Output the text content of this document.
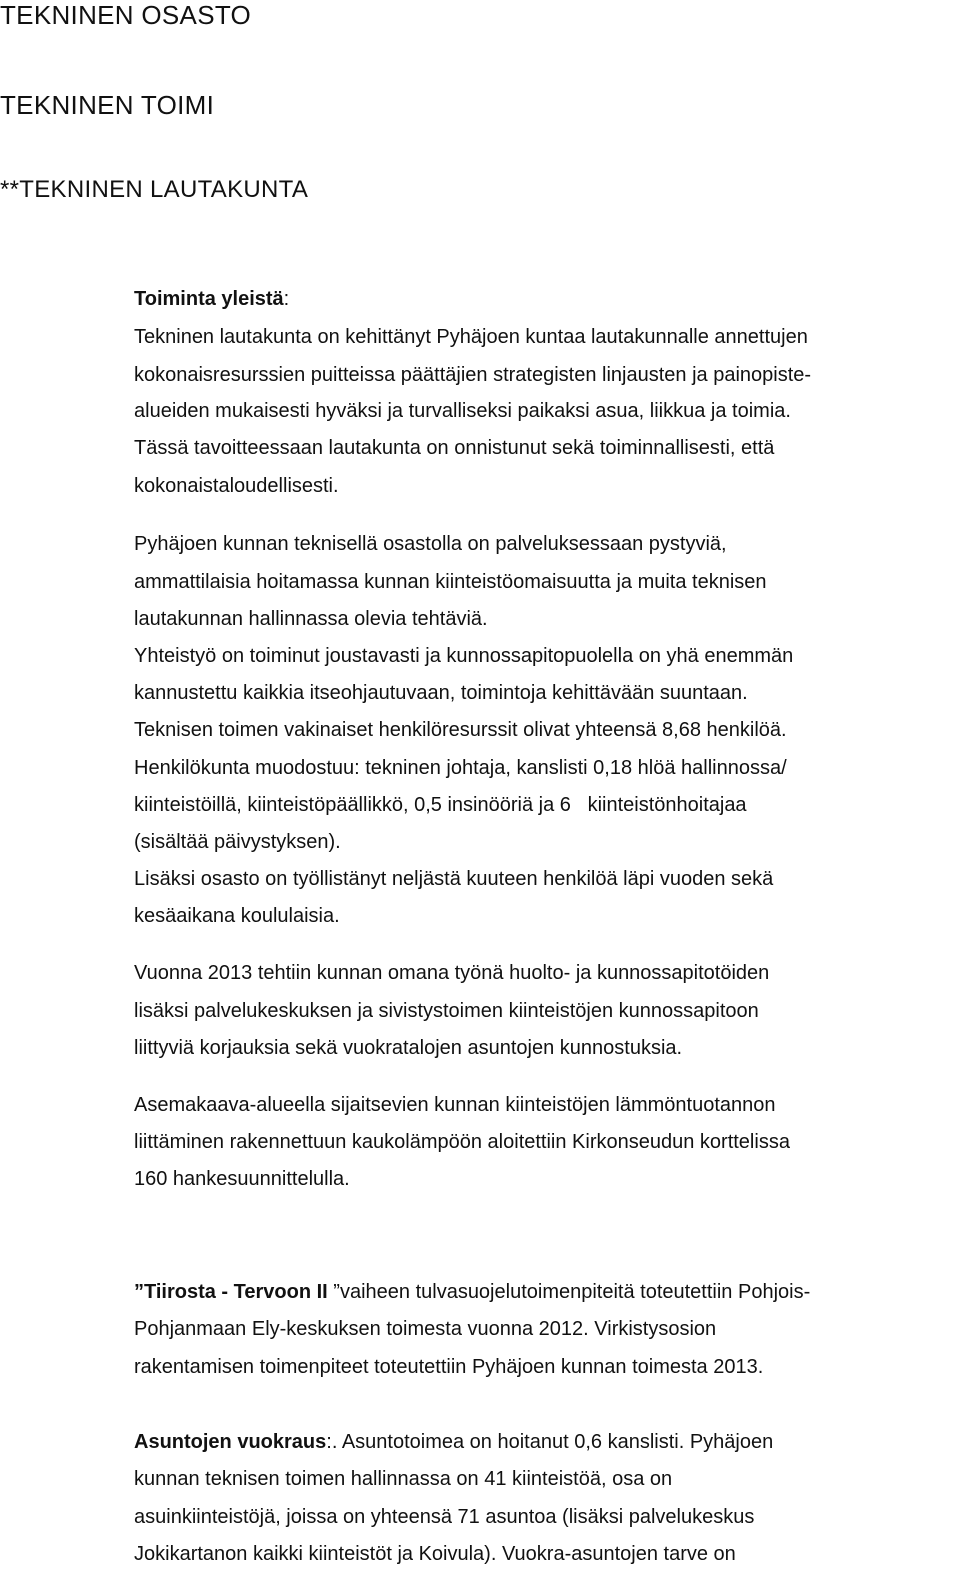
TEKNINEN OSASTO
TEKNINEN TOIMI
**TEKNINEN LAUTAKUNTA
Toiminta yleistä:
Tekninen lautakunta on kehittänyt Pyhäjoen kuntaa lautakunnalle annettujen
kokonaisresurssien puitteissa päättäjien strategisten linjausten ja painopiste-
alueiden mukaisesti hyväksi ja turvalliseksi paikaksi asua, liikkua ja toimia.
Tässä tavoitteessaan lautakunta on onnistunut sekä toiminnallisesti, että
kokonaistaloudellisesti.
Pyhäjoen kunnan teknisellä osastolla on palveluksessaan pystyviä,
ammattilaisia hoitamassa kunnan kiinteistöomaisuutta ja muita teknisen
lautakunnan hallinnassa olevia tehtäviä.
Yhteistyö on toiminut joustavasti ja kunnossapitopuolella on yhä enemmän
kannustettu kaikkia itseohjautuvaan, toimintoja kehittävään suuntaan.
Teknisen toimen vakinaiset henkilöresurssit olivat yhteensä 8,68 henkilöä.
Henkilökunta muodostuu: tekninen johtaja, kanslisti 0,18 hlöä hallinnossa/
kiinteistöillä, kiinteistöpäällikkö, 0,5 insinööriä ja 6   kiinteistönhoitajaa
(sisältää päivystyksen).
Lisäksi osasto on työllistänyt neljästä kuuteen henkilöä läpi vuoden sekä
kesäaikana koululaisia.
Vuonna 2013 tehtiin kunnan omana työnä huolto- ja kunnossapitotöiden
lisäksi palvelukeskuksen ja sivistystoimen kiinteistöjen kunnossapitoon
liittyviä korjauksia sekä vuokratalojen asuntojen kunnostuksia.
Asemakaava-alueella sijaitsevien kunnan kiinteistöjen lämmöntuotannon
liittäminen rakennettuun kaukolämpöön aloitettiin Kirkonseudun korttelissa
160 hankesuunnittelulla.
”Tiirosta - Tervoon II ”vaiheen tulvasuojelutoimenpiteitä toteutettiin Pohjois-
Pohjanmaan Ely-keskuksen toimesta vuonna 2012. Virkistysosion
rakentamisen toimenpiteet toteutettiin Pyhäjoen kunnan toimesta 2013.
Asuntojen vuokraus:. Asuntotoimea on hoitanut 0,6 kanslisti. Pyhäjoen
kunnan teknisen toimen hallinnassa on 41 kiinteistöä, osa on
asuinkiinteistöjä, joissa on yhteensä 71 asuntoa (lisäksi palvelukeskus
Jokikartanon kaikki kiinteistöt ja Koivula). Vuokra-asuntojen tarve on
